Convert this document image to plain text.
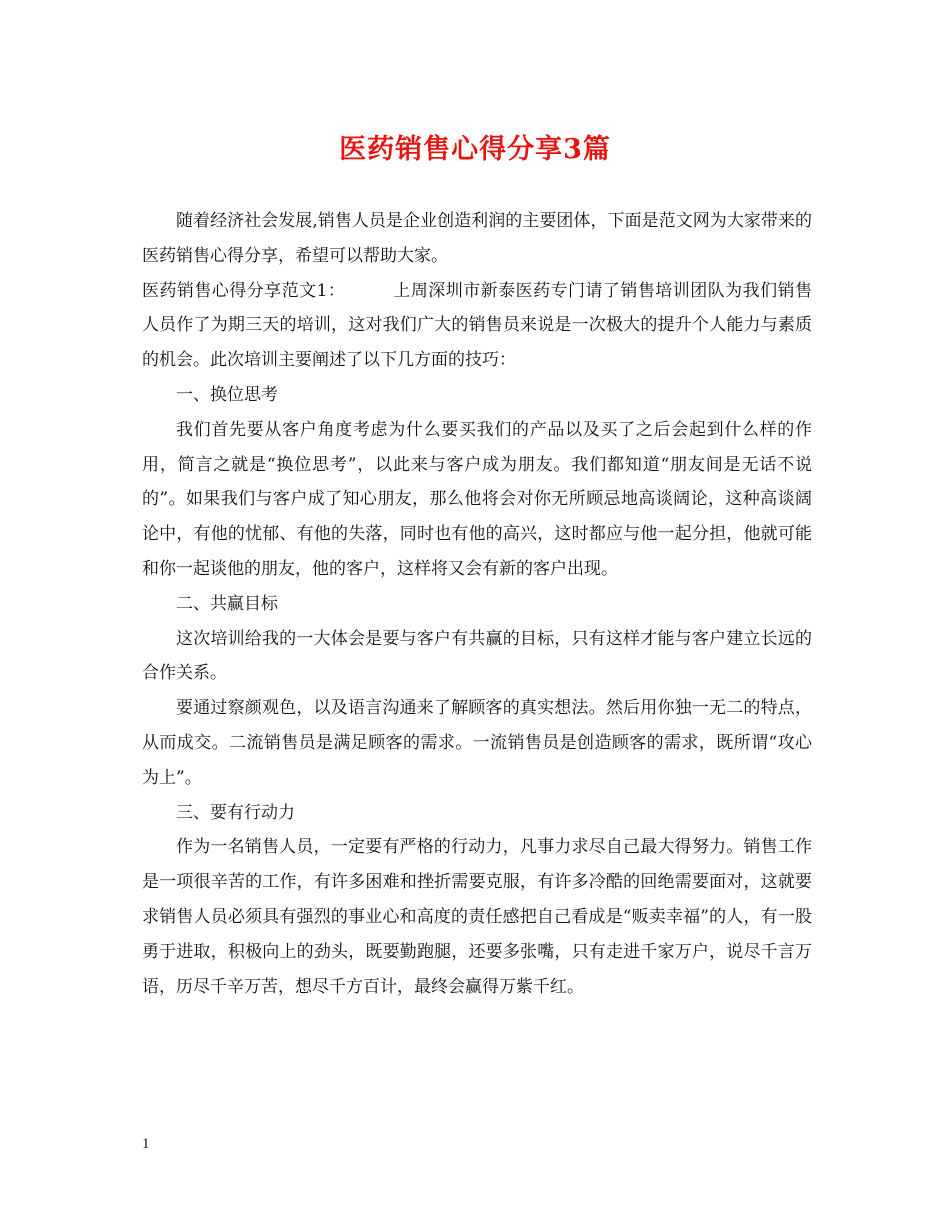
医药销售心得分享3篇

随着经济社会发展,销售人员是企业创造利润的主要团体，下面是范文网为大家带来的医药销售心得分享，希望可以帮助大家。

医药销售心得分享范文1：	上周深圳市新泰医药专门请了销售培训团队为我们销售人员作了为期三天的培训，这对我们广大的销售员来说是一次极大的提升个人能力与素质的机会。此次培训主要阐述了以下几方面的技巧：

一、换位思考

我们首先要从客户角度考虑为什么要买我们的产品以及买了之后会起到什么样的作用，简言之就是“换位思考”，以此来与客户成为朋友。我们都知道“朋友间是无话不说的”。如果我们与客户成了知心朋友，那么他将会对你无所顾忌地高谈阔论，这种高谈阔论中，有他的忧郁、有他的失落，同时也有他的高兴，这时都应与他一起分担，他就可能和你一起谈他的朋友，他的客户，这样将又会有新的客户出现。

二、共赢目标

这次培训给我的一大体会是要与客户有共赢的目标，只有这样才能与客户建立长远的合作关系。

要通过察颜观色，以及语言沟通来了解顾客的真实想法。然后用你独一无二的特点，从而成交。二流销售员是满足顾客的需求。一流销售员是创造顾客的需求，既所谓“攻心为上”。

三、要有行动力

作为一名销售人员，一定要有严格的行动力，凡事力求尽自己最大得努力。销售工作是一项很辛苦的工作，有许多困难和挫折需要克服，有许多冷酷的回绝需要面对，这就要求销售人员必须具有强烈的事业心和高度的责任感把自己看成是“贩卖幸福”的人，有一股勇于进取，积极向上的劲头，既要勤跑腿，还要多张嘴，只有走进千家万户，说尽千言万语，历尽千辛万苦，想尽千方百计，最终会赢得万紫千红。

1
